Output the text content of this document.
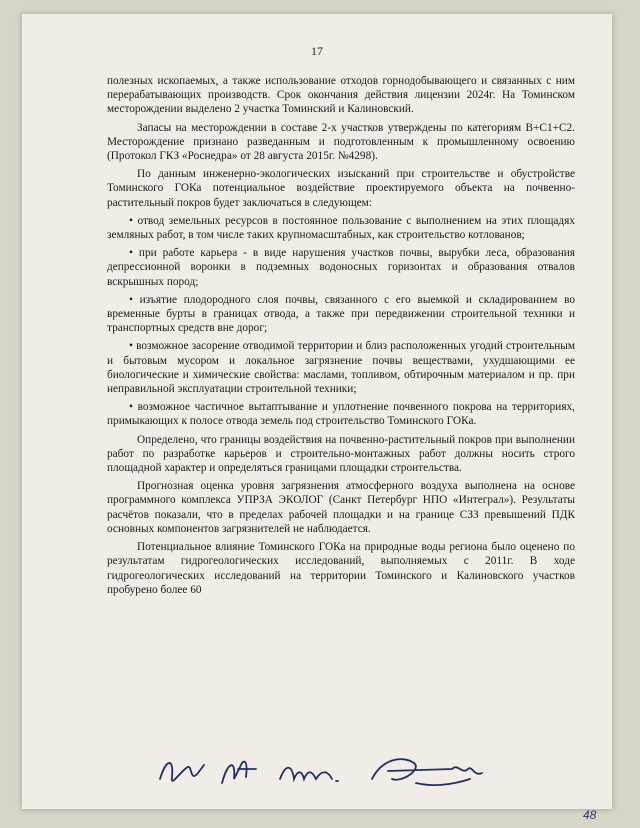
17

полезных ископаемых, а также использование отходов горнодобывающего и связанных с ним перерабатывающих производств. Срок окончания действия лицензии 2024г. На Томинском месторождении выделено 2 участка Томинский и Калиновский.

Запасы на месторождении в составе 2-х участков утверждены по категориям B+C1+C2. Месторождение признано разведанным и подготовленным к промышленному освоению (Протокол ГКЗ «Роснедра» от 28 августа 2015г. №4298).

По данным инженерно-экологических изысканий при строительстве и обустройстве Томинского ГОКа потенциальное воздействие проектируемого объекта на почвенно-растительный покров будет заключаться в следующем:

• отвод земельных ресурсов в постоянное пользование с выполнением на этих площадях земляных работ, в том числе таких крупномасштабных, как строительство котлованов;

• при работе карьера - в виде нарушения участков почвы, вырубки леса, образования депрессионной воронки в подземных водоносных горизонтах и образования отвалов вскрышных пород;

• изъятие плодородного слоя почвы, связанного с его выемкой и складированием во временные бурты в границах отвода, а также при передвижении строительной техники и транспортных средств вне дорог;

• возможное засорение отводимой территории и близ расположенных угодий строительным и бытовым мусором и локальное загрязнение почвы веществами, ухудшающими ее биологические и химические свойства: маслами, топливом, обтирочным материалом и пр. при неправильной эксплуатации строительной техники;

• возможное частичное вытаптывание и уплотнение почвенного покрова на территориях, примыкающих к полосе отвода земель под строительство Томинского ГОКа.

Определено, что границы воздействия на почвенно-растительный покров при выполнении работ по разработке карьеров и строительно-монтажных работ должны носить строго площадной характер и определяться границами площадки строительства.

Прогнозная оценка уровня загрязнения атмосферного воздуха выполнена на основе программного комплекса УПРЗА ЭКОЛОГ (Санкт Петербург НПО «Интеграл»). Результаты расчётов показали, что в пределах рабочей площадки и на границе СЗЗ превышений ПДК основных компонентов загрязнителей не наблюдается.

Потенциальное влияние Томинского ГОКа на природные воды региона было оценено по результатам гидрогеологических исследований, выполняемых с 2011г. В ходе гидрогеологических исследований на территории Томинского и Калиновского участков пробурено более 60

48
